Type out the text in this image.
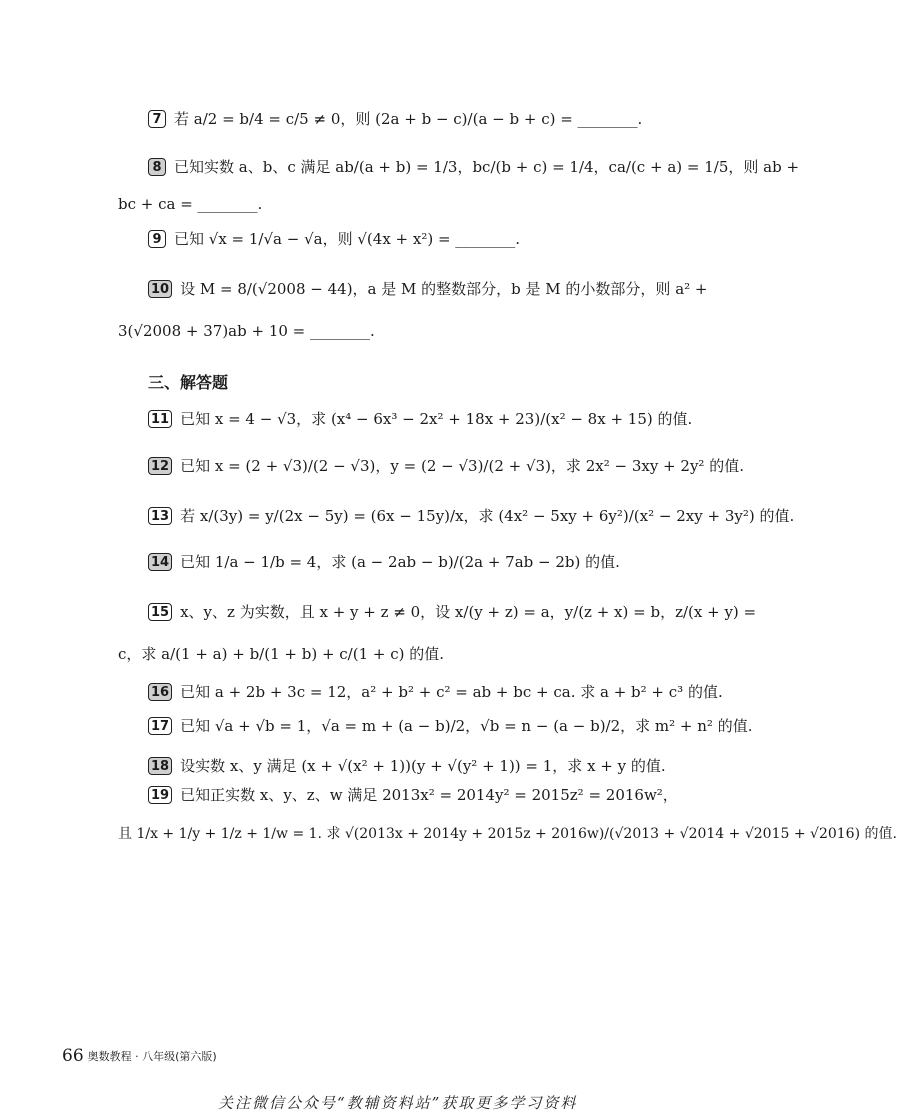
7 若 a/2 = b/4 = c/5 ≠ 0，则 (2a + b − c)/(a − b + c) = ________.
8 已知实数 a、b、c 满足 ab/(a + b) = 1/3，bc/(b + c) = 1/4，ca/(c + a) = 1/5，则 ab +
bc + ca = ________.
9 已知 √x = 1/√a − √a，则 √(4x + x²) = ________.
10 设 M = 8/(√2008 − 44)，a 是 M 的整数部分，b 是 M 的小数部分，则 a² +
3(√2008 + 37)ab + 10 = ________.
三、解答题
11 已知 x = 4 − √3，求 (x⁴ − 6x³ − 2x² + 18x + 23)/(x² − 8x + 15) 的值.
12 已知 x = (2 + √3)/(2 − √3)，y = (2 − √3)/(2 + √3)，求 2x² − 3xy + 2y² 的值.
13 若 x/(3y) = y/(2x − 5y) = (6x − 15y)/x，求 (4x² − 5xy + 6y²)/(x² − 2xy + 3y²) 的值.
14 已知 1/a − 1/b = 4，求 (a − 2ab − b)/(2a + 7ab − 2b) 的值.
15 x、y、z 为实数，且 x + y + z ≠ 0，设 x/(y + z) = a，y/(z + x) = b，z/(x + y) =
c，求 a/(1 + a) + b/(1 + b) + c/(1 + c) 的值.
16 已知 a + 2b + 3c = 12，a² + b² + c² = ab + bc + ca. 求 a + b² + c³ 的值.
17 已知 √a + √b = 1，√a = m + (a − b)/2，√b = n − (a − b)/2，求 m² + n² 的值.
18 设实数 x、y 满足 (x + √(x² + 1))(y + √(y² + 1)) = 1，求 x + y 的值.
19 已知正实数 x、y、z、w 满足 2013x² = 2014y² = 2015z² = 2016w²，
且 1/x + 1/y + 1/z + 1/w = 1. 求 √(2013x + 2014y + 2015z + 2016w)/(√2013 + √2014 + √2015 + √2016) 的值.
66 奥数教程 · 八年级(第六版)
关注微信公众号“教辅资料站”获取更多学习资料
